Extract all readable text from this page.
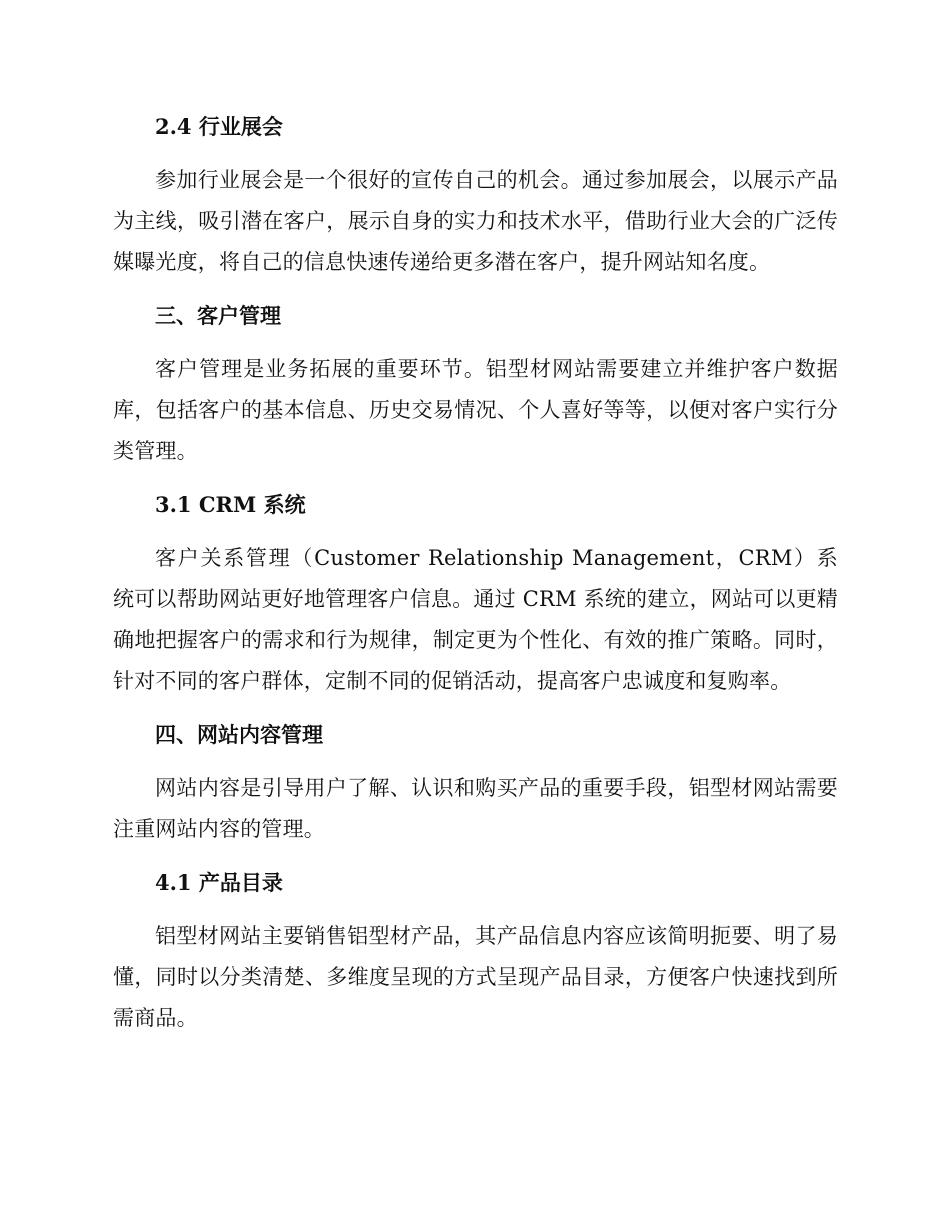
2.4 行业展会

参加行业展会是一个很好的宣传自己的机会。通过参加展会，以展示产品为主线，吸引潜在客户，展示自身的实力和技术水平，借助行业大会的广泛传媒曝光度，将自己的信息快速传递给更多潜在客户，提升网站知名度。

三、客户管理

客户管理是业务拓展的重要环节。铝型材网站需要建立并维护客户数据库，包括客户的基本信息、历史交易情况、个人喜好等等，以便对客户实行分类管理。

3.1 CRM 系统

客户关系管理（Customer Relationship Management，CRM）系统可以帮助网站更好地管理客户信息。通过 CRM 系统的建立，网站可以更精确地把握客户的需求和行为规律，制定更为个性化、有效的推广策略。同时，针对不同的客户群体，定制不同的促销活动，提高客户忠诚度和复购率。

四、网站内容管理

网站内容是引导用户了解、认识和购买产品的重要手段，铝型材网站需要注重网站内容的管理。

4.1 产品目录

铝型材网站主要销售铝型材产品，其产品信息内容应该简明扼要、明了易懂，同时以分类清楚、多维度呈现的方式呈现产品目录，方便客户快速找到所需商品。
